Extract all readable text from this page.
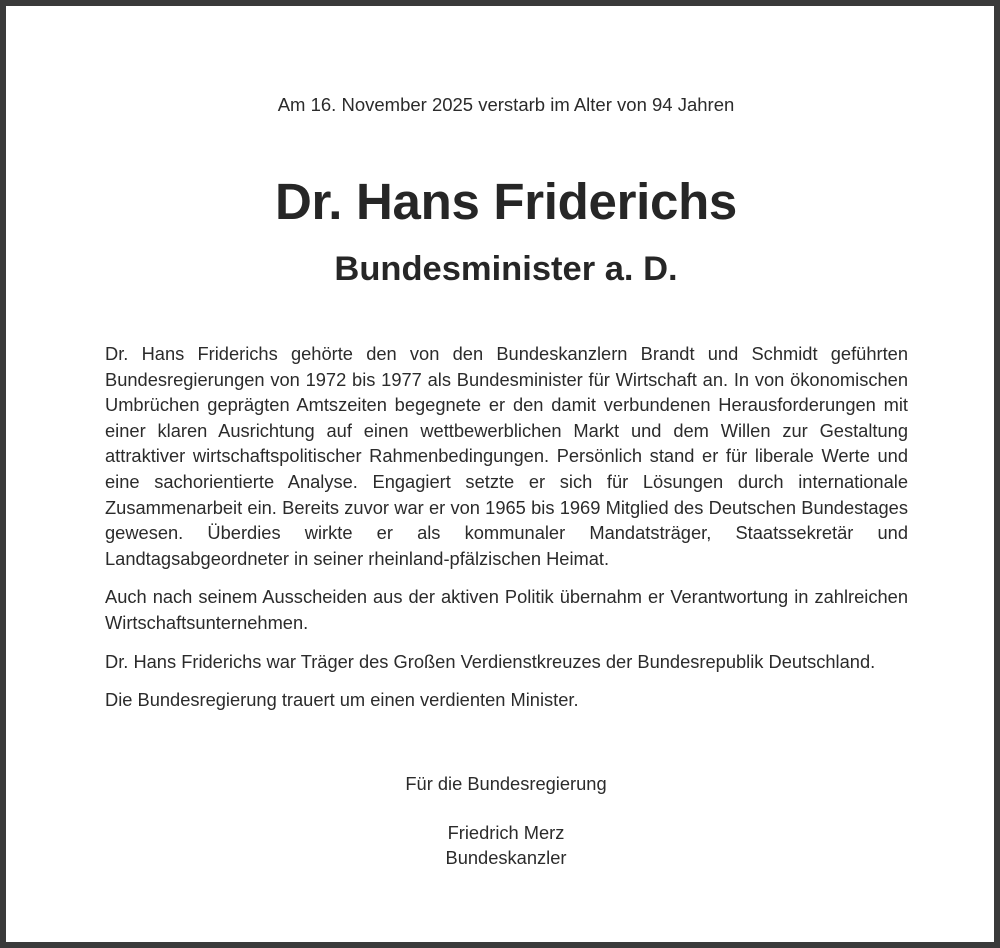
Am 16. November 2025 verstarb im Alter von 94 Jahren
Dr. Hans Friderichs
Bundesminister a. D.

Dr. Hans Friderichs gehörte den von den Bundeskanzlern Brandt und Schmidt geführten Bundesregierungen von 1972 bis 1977 als Bundesminister für Wirtschaft an. In von ökonomischen Umbrüchen geprägten Amtszeiten begegnete er den damit verbundenen Herausforderungen mit einer klaren Ausrichtung auf einen wettbewerblichen Markt und dem Willen zur Gestaltung attraktiver wirtschaftspolitischer Rahmenbedingungen. Persönlich stand er für liberale Werte und eine sachorientierte Analyse. Engagiert setzte er sich für Lösungen durch internationale Zusammenarbeit ein. Bereits zuvor war er von 1965 bis 1969 Mitglied des Deutschen Bundestages gewesen. Überdies wirkte er als kommunaler Mandatsträger, Staatssekretär und Landtagsabgeordneter in seiner rheinland-pfälzischen Heimat.

Auch nach seinem Ausscheiden aus der aktiven Politik übernahm er Verantwortung in zahlreichen Wirtschaftsunternehmen.

Dr. Hans Friderichs war Träger des Großen Verdienstkreuzes der Bundesrepublik Deutschland.

Die Bundesregierung trauert um einen verdienten Minister.

Für die Bundesregierung
Friedrich Merz
Bundeskanzler
